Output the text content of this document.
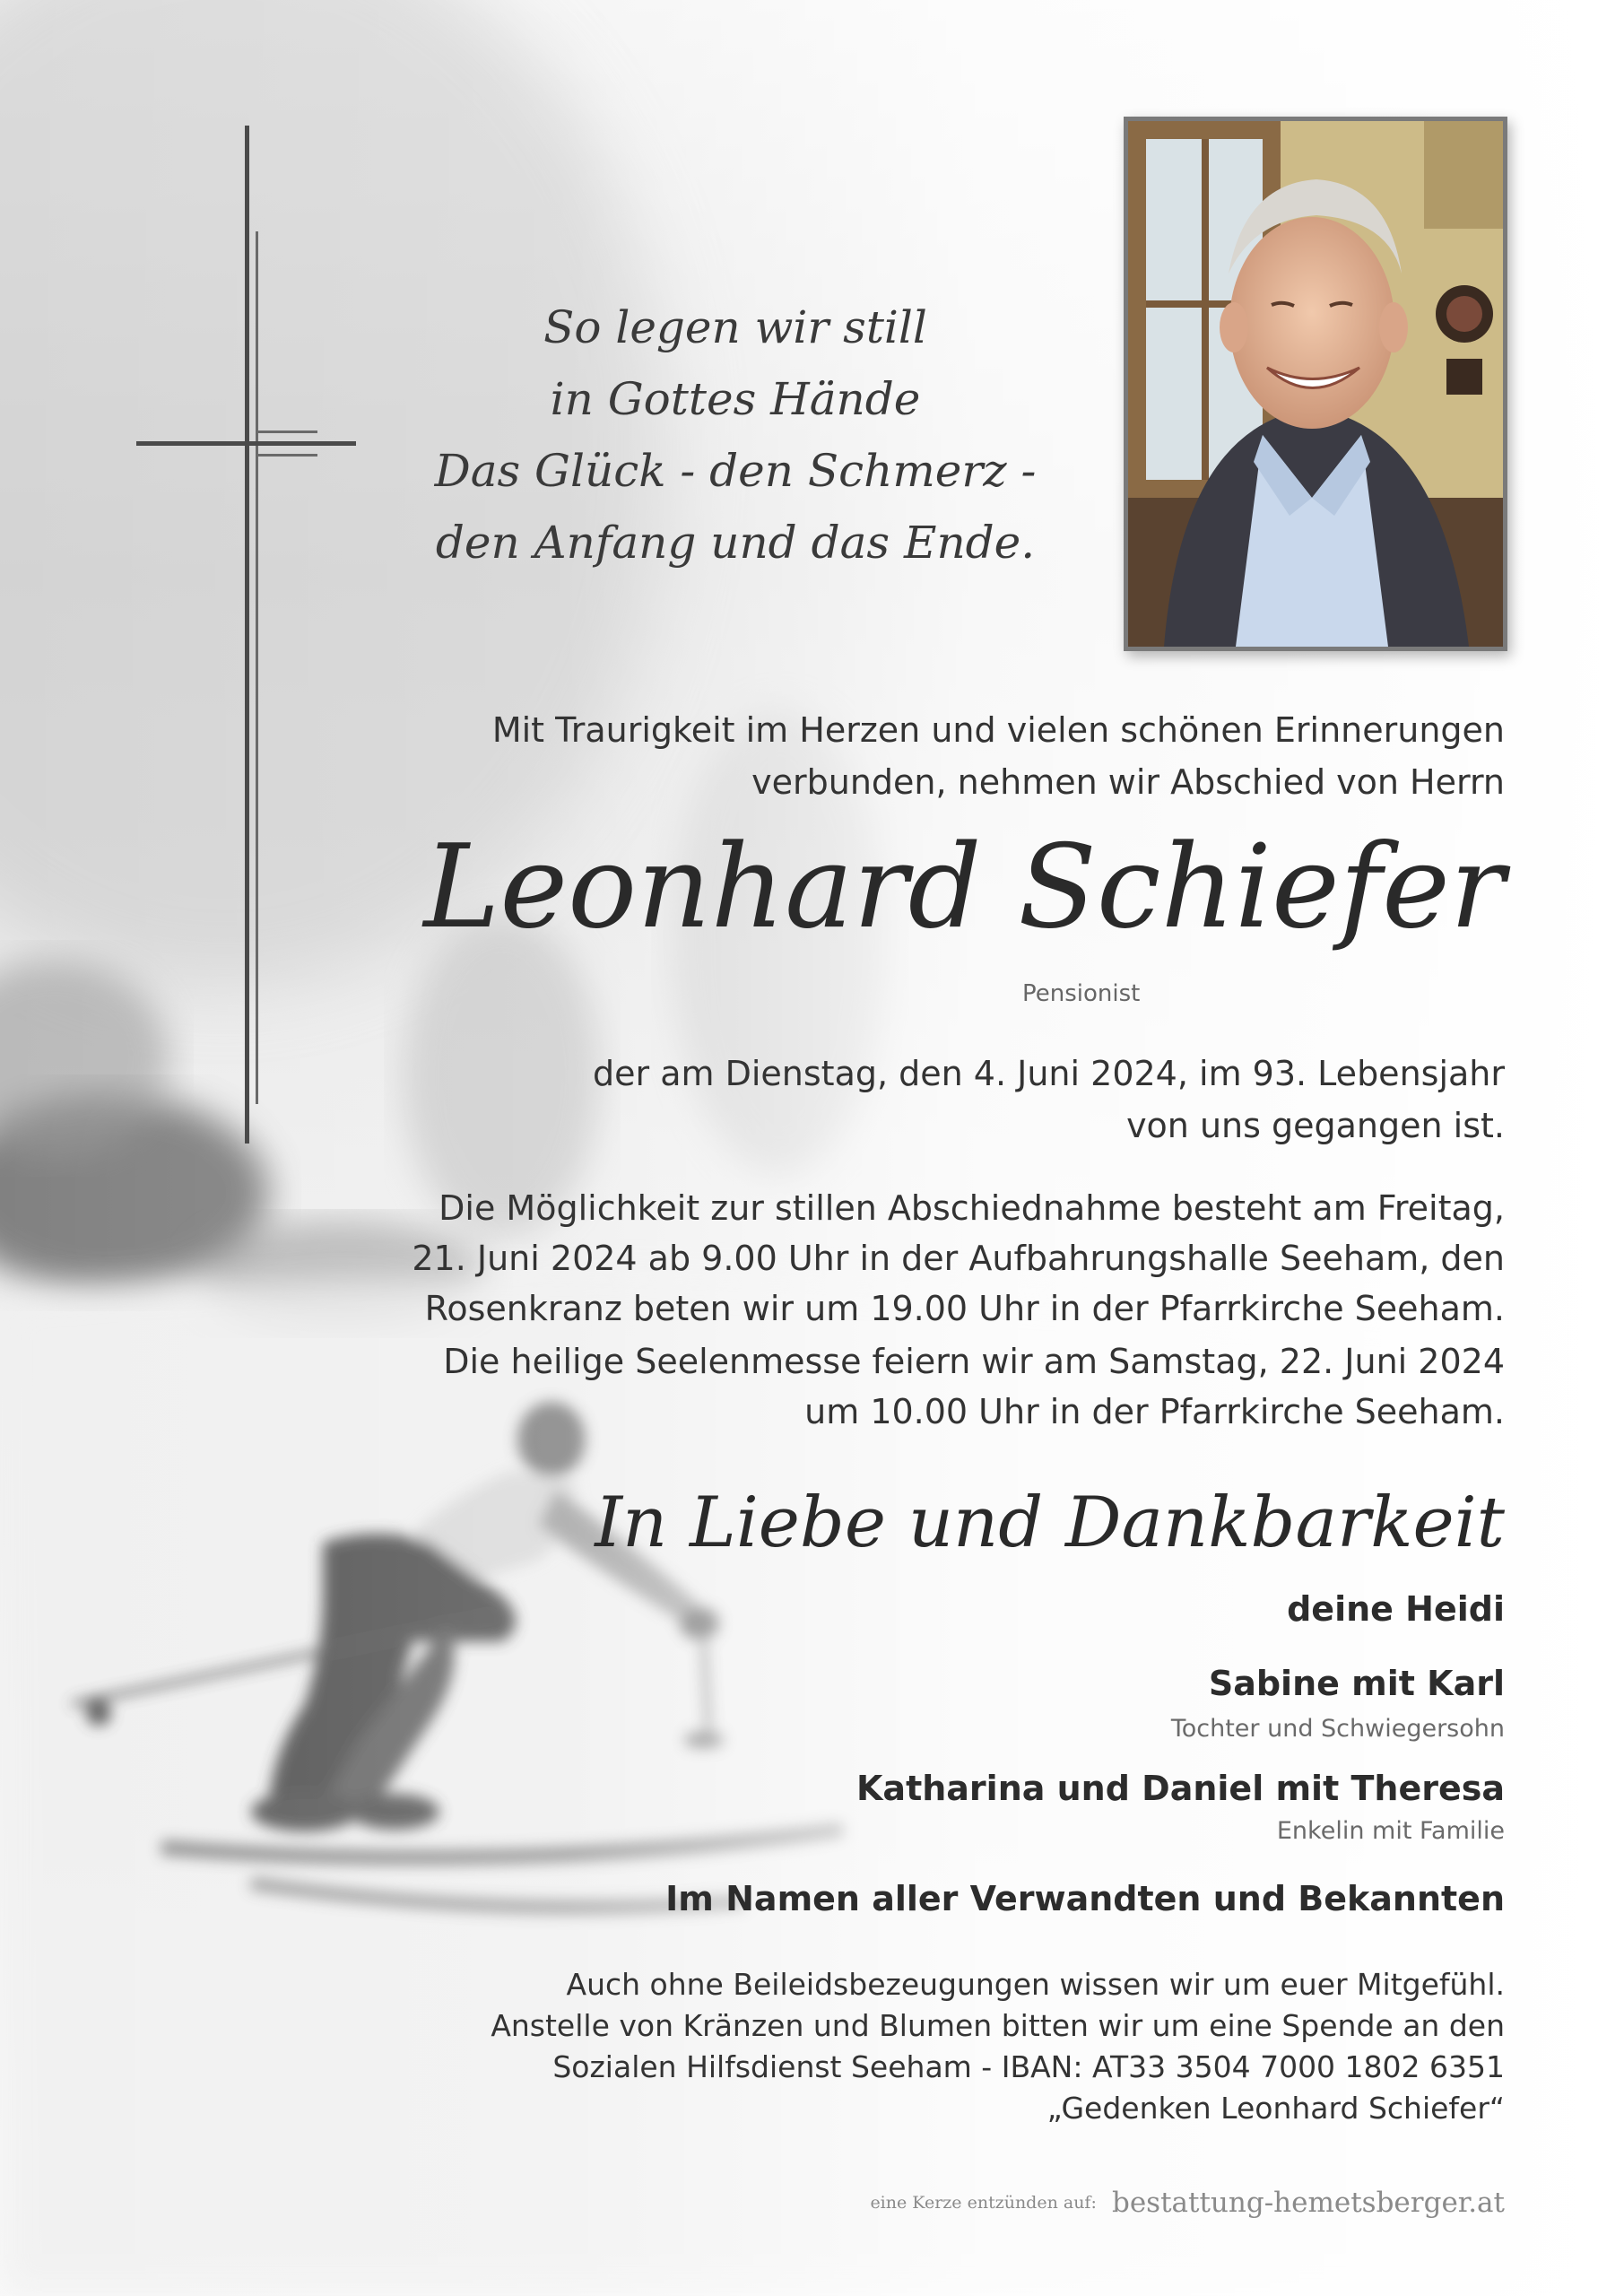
So legen wir still
in Gottes Hände
Das Glück - den Schmerz -
den Anfang und das Ende.
Mit Traurigkeit im Herzen und vielen schönen Erinnerungen
verbunden, nehmen wir Abschied von Herrn
Leonhard Schiefer
Pensionist
der am Dienstag, den 4. Juni 2024, im 93. Lebensjahr
von uns gegangen ist.
Die Möglichkeit zur stillen Abschiednahme besteht am Freitag,
21. Juni 2024 ab 9.00 Uhr in der Aufbahrungshalle Seeham, den
Rosenkranz beten wir um 19.00 Uhr in der Pfarrkirche Seeham.
Die heilige Seelenmesse feiern wir am Samstag, 22. Juni 2024
um 10.00 Uhr in der Pfarrkirche Seeham.
In Liebe und Dankbarkeit
deine Heidi
Sabine mit Karl
Tochter und Schwiegersohn
Katharina und Daniel mit Theresa
Enkelin mit Familie
Im Namen aller Verwandten und Bekannten
Auch ohne Beileidsbezeugungen wissen wir um euer Mitgefühl.
Anstelle von Kränzen und Blumen bitten wir um eine Spende an den
Sozialen Hilfsdienst Seeham - IBAN: AT33 3504 7000 1802 6351
„Gedenken Leonhard Schiefer“
eine Kerze entzünden auf: bestattung-hemetsberger.at
